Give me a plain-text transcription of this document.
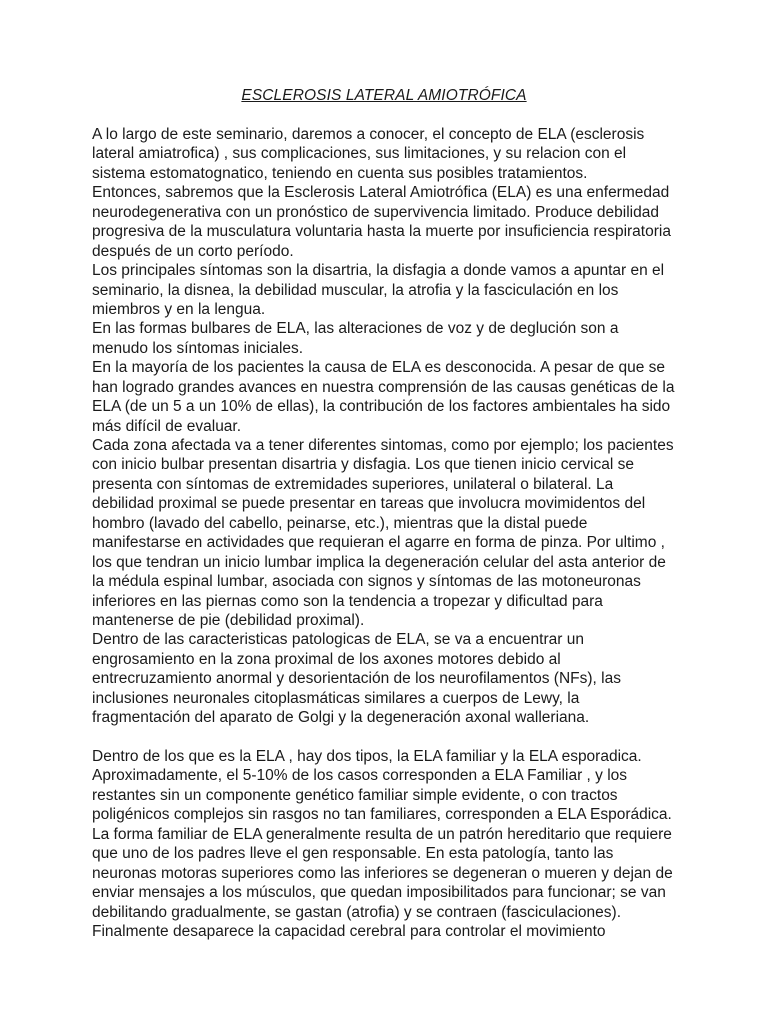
ESCLEROSIS LATERAL AMIOTRÓFICA
A lo largo de este seminario, daremos a conocer, el concepto de ELA (esclerosis
lateral amiatrofica) , sus complicaciones, sus limitaciones, y su relacion con el
sistema estomatognatico, teniendo en cuenta sus posibles tratamientos.
Entonces, sabremos que la Esclerosis Lateral Amiotrófica (ELA) es una enfermedad
neurodegenerativa con un pronóstico de supervivencia limitado. Produce debilidad
progresiva de la musculatura voluntaria hasta la muerte por insuficiencia respiratoria
después de un corto período.
Los principales síntomas son la disartria, la disfagia a donde vamos a apuntar en el
seminario, la disnea, la debilidad muscular, la atrofia y la fasciculación en los
miembros y en la lengua.
En las formas bulbares de ELA, las alteraciones de voz y de deglución son a
menudo los síntomas iniciales.
En la mayoría de los pacientes la causa de ELA es desconocida. A pesar de que se
han logrado grandes avances en nuestra comprensión de las causas genéticas de la
ELA (de un 5 a un 10% de ellas), la contribución de los factores ambientales ha sido
más difícil de evaluar.
Cada zona afectada va a tener diferentes sintomas, como por ejemplo; los pacientes
con inicio bulbar presentan disartria y disfagia. Los que tienen inicio cervical se
presenta con síntomas de extremidades superiores, unilateral o bilateral. La
debilidad proximal se puede presentar en tareas que involucra movimidentos del
hombro (lavado del cabello, peinarse, etc.), mientras que la distal puede
manifestarse en actividades que requieran el agarre en forma de pinza. Por ultimo ,
los que tendran un inicio lumbar implica la degeneración celular del asta anterior de
la médula espinal lumbar, asociada con signos y síntomas de las motoneuronas
inferiores en las piernas como son la tendencia a tropezar y dificultad para
mantenerse de pie (debilidad proximal).
Dentro de las caracteristicas patologicas de ELA, se va a encuentrar un
engrosamiento en la zona proximal de los axones motores debido al
entrecruzamiento anormal y desorientación de los neurofilamentos (NFs), las
inclusiones neuronales citoplasmáticas similares a cuerpos de Lewy, la
fragmentación del aparato de Golgi y la degeneración axonal walleriana.
Dentro de los que es la ELA , hay dos tipos, la ELA familiar y la ELA esporadica.
Aproximadamente, el 5-10% de los casos corresponden a ELA Familiar , y los
restantes sin un componente genético familiar simple evidente, o con tractos
poligénicos complejos sin rasgos no tan familiares, corresponden a ELA Esporádica.
La forma familiar de ELA generalmente resulta de un patrón hereditario que requiere
que uno de los padres lleve el gen responsable. En esta patología, tanto las
neuronas motoras superiores como las inferiores se degeneran o mueren y dejan de
enviar mensajes a los músculos, que quedan imposibilitados para funcionar; se van
debilitando gradualmente, se gastan (atrofia) y se contraen (fasciculaciones).
Finalmente desaparece la capacidad cerebral para controlar el movimiento
